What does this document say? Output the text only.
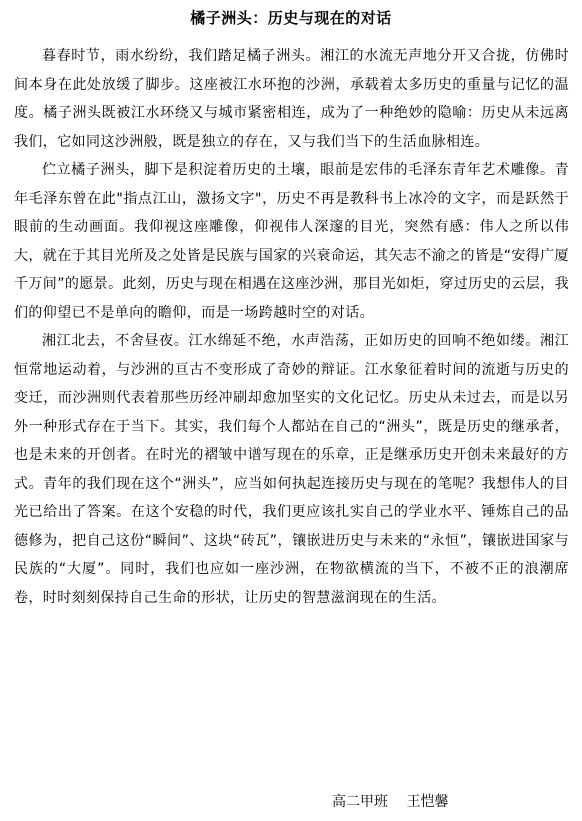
橘子洲头：历史与现在的对话

暮春时节，雨水纷纷，我们踏足橘子洲头。湘江的水流无声地分开又合拢，仿佛时间本身在此处放缓了脚步。这座被江水环抱的沙洲，承载着太多历史的重量与记忆的温度。橘子洲头既被江水环绕又与城市紧密相连，成为了一种绝妙的隐喻：历史从未远离我们，它如同这沙洲般，既是独立的存在，又与我们当下的生活血脉相连。

伫立橘子洲头，脚下是积淀着历史的土壤，眼前是宏伟的毛泽东青年艺术雕像。青年毛泽东曾在此"指点江山，激扬文字"，历史不再是教科书上冰冷的文字，而是跃然于眼前的生动画面。我仰视这座雕像，仰视伟人深邃的目光，突然有感：伟人之所以伟大，就在于其目光所及之处皆是民族与国家的兴衰命运，其矢志不渝之的皆是“安得广厦千万间”的愿景。此刻，历史与现在相遇在这座沙洲，那目光如炬，穿过历史的云层，我们的仰望已不是单向的瞻仰，而是一场跨越时空的对话。

湘江北去，不舍昼夜。江水绵延不绝，水声浩荡，正如历史的回响不绝如缕。湘江恒常地运动着，与沙洲的亘古不变形成了奇妙的辩证。江水象征着时间的流逝与历史的变迁，而沙洲则代表着那些历经冲刷却愈加坚实的文化记忆。历史从未过去，而是以另外一种形式存在于当下。其实，我们每个人都站在自己的“洲头”，既是历史的继承者，也是未来的开创者。在时光的褶皱中谱写现在的乐章，正是继承历史开创未来最好的方式。青年的我们现在这个“洲头”，应当如何执起连接历史与现在的笔呢？我想伟人的目光已给出了答案。在这个安稳的时代，我们更应该扎实自己的学业水平、锤炼自己的品德修为，把自己这份“瞬间”、这块“砖瓦”，镶嵌进历史与未来的“永恒”，镶嵌进国家与民族的“大厦”。同时，我们也应如一座沙洲，在物欲横流的当下，不被不正的浪潮席卷，时时刻刻保持自己生命的形状，让历史的智慧滋润现在的生活。

高二甲班 王恺馨
